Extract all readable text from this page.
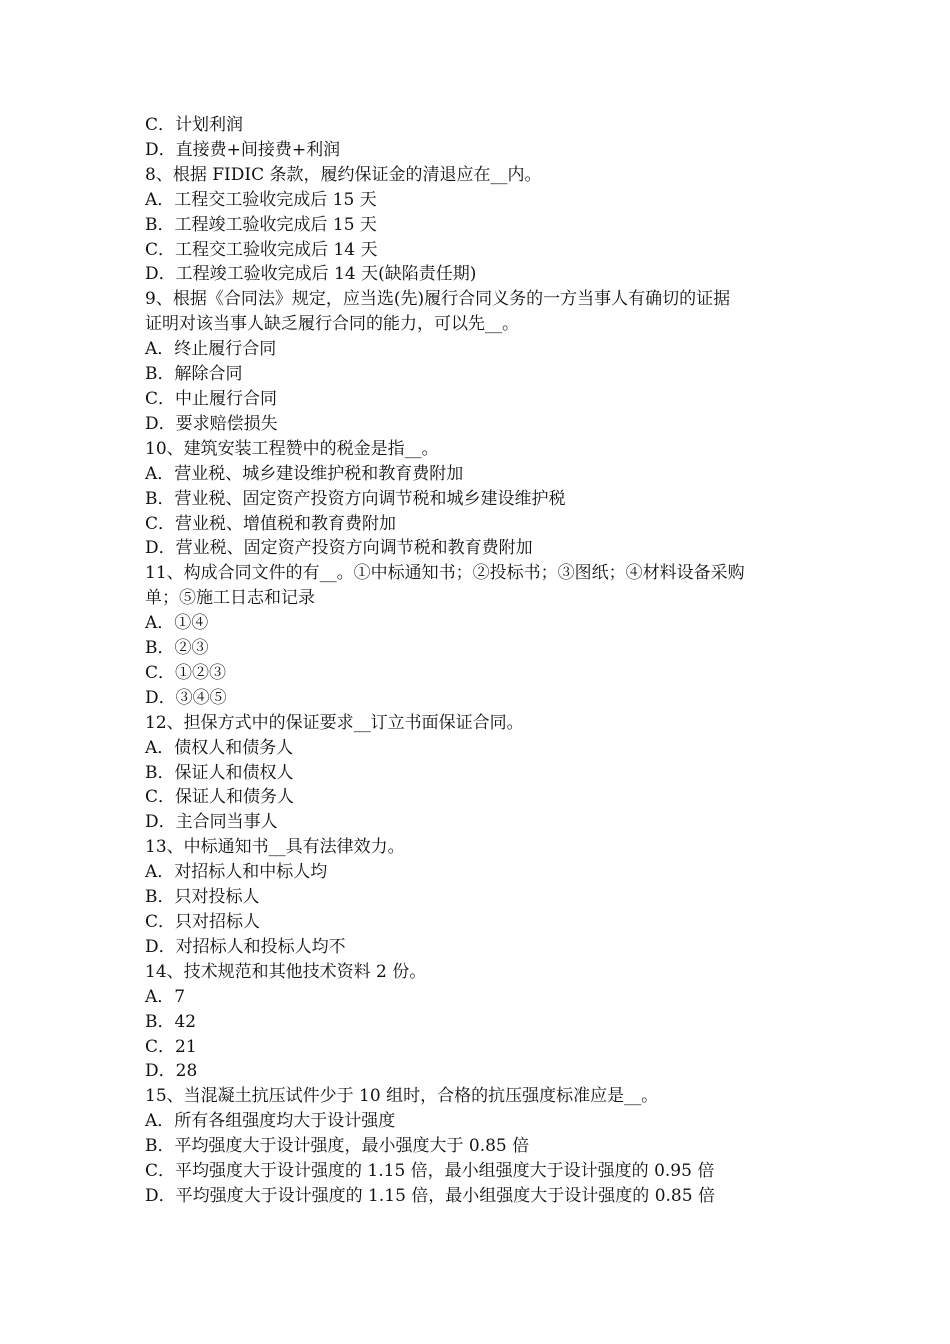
C．计划利润

D．直接费+间接费+利润

8、根据 FIDIC 条款，履约保证金的清退应在__内。

A．工程交工验收完成后 15 天

B．工程竣工验收完成后 15 天

C．工程交工验收完成后 14 天

D．工程竣工验收完成后 14 天(缺陷责任期)

9、根据《合同法》规定，应当选(先)履行合同义务的一方当事人有确切的证据

证明对该当事人缺乏履行合同的能力，可以先__。

A．终止履行合同

B．解除合同

C．中止履行合同

D．要求赔偿损失

10、建筑安装工程赞中的税金是指__。

A．营业税、城乡建设维护税和教育费附加

B．营业税、固定资产投资方向调节税和城乡建设维护税

C．营业税、增值税和教育费附加

D．营业税、固定资产投资方向调节税和教育费附加

11、构成合同文件的有__。①中标通知书；②投标书；③图纸；④材料设备采购

单；⑤施工日志和记录

A．①④

B．②③

C．①②③

D．③④⑤

12、担保方式中的保证要求__订立书面保证合同。

A．债权人和债务人

B．保证人和债权人

C．保证人和债务人

D．主合同当事人

13、中标通知书__具有法律效力。

A．对招标人和中标人均

B．只对投标人

C．只对招标人

D．对招标人和投标人均不

14、技术规范和其他技术资料 2 份。

A．7

B．42

C．21

D．28

15、当混凝土抗压试件少于 10 组时，合格的抗压强度标准应是__。

A．所有各组强度均大于设计强度

B．平均强度大于设计强度，最小强度大于 0.85 倍

C．平均强度大于设计强度的 1.15 倍，最小组强度大于设计强度的 0.95 倍

D．平均强度大于设计强度的 1.15 倍，最小组强度大于设计强度的 0.85 倍
